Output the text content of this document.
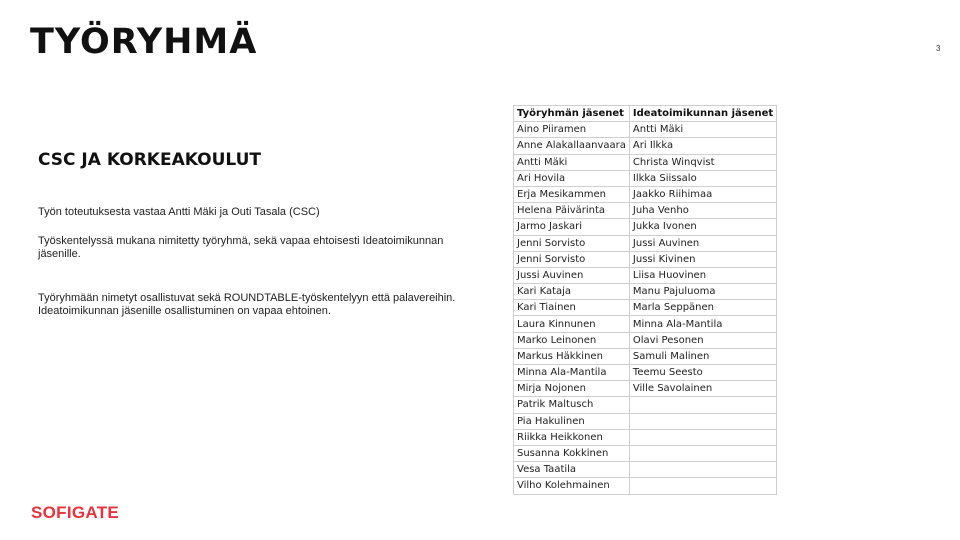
TYÖRYHMÄ	3
CSC JA KORKEAKOULUT
Työn toteutuksesta vastaa Antti Mäki ja Outi Tasala (CSC)
Työskentelyssä mukana nimitetty työryhmä, sekä vapaa ehtoisesti Ideatoimikunnan jäsenille.
Työryhmään nimetyt osallistuvat sekä ROUNDTABLE-työskentelyyn että palavereihin. Ideatoimikunnan jäsenille osallistuminen on vapaa ehtoinen.
SOFIGATE
Työryhmän jäsenet	Ideatoimikunnan jäsenet
Aino Piiramen	Antti Mäki
Anne Alakallaanvaara	Ari Ilkka
Antti Mäki	Christa Winqvist
Ari Hovila	Ilkka Siissalo
Erja Mesikammen	Jaakko Riihimaa
Helena Päivärinta	Juha Venho
Jarmo Jaskari	Jukka Ivonen
Jenni Sorvisto	Jussi Auvinen
Jenni Sorvisto	Jussi Kivinen
Jussi Auvinen	Liisa Huovinen
Kari Kataja	Manu Pajuluoma
Kari Tiainen	Marla Seppänen
Laura Kinnunen	Minna Ala-Mantila
Marko Leinonen	Olavi Pesonen
Markus Häkkinen	Samuli Malinen
Minna Ala-Mantila	Teemu Seesto
Mirja Nojonen	Ville Savolainen
Patrik Maltusch	
Pia Hakulinen	
Riikka Heikkonen	
Susanna Kokkinen	
Vesa Taatila	
Vilho Kolehmainen	
